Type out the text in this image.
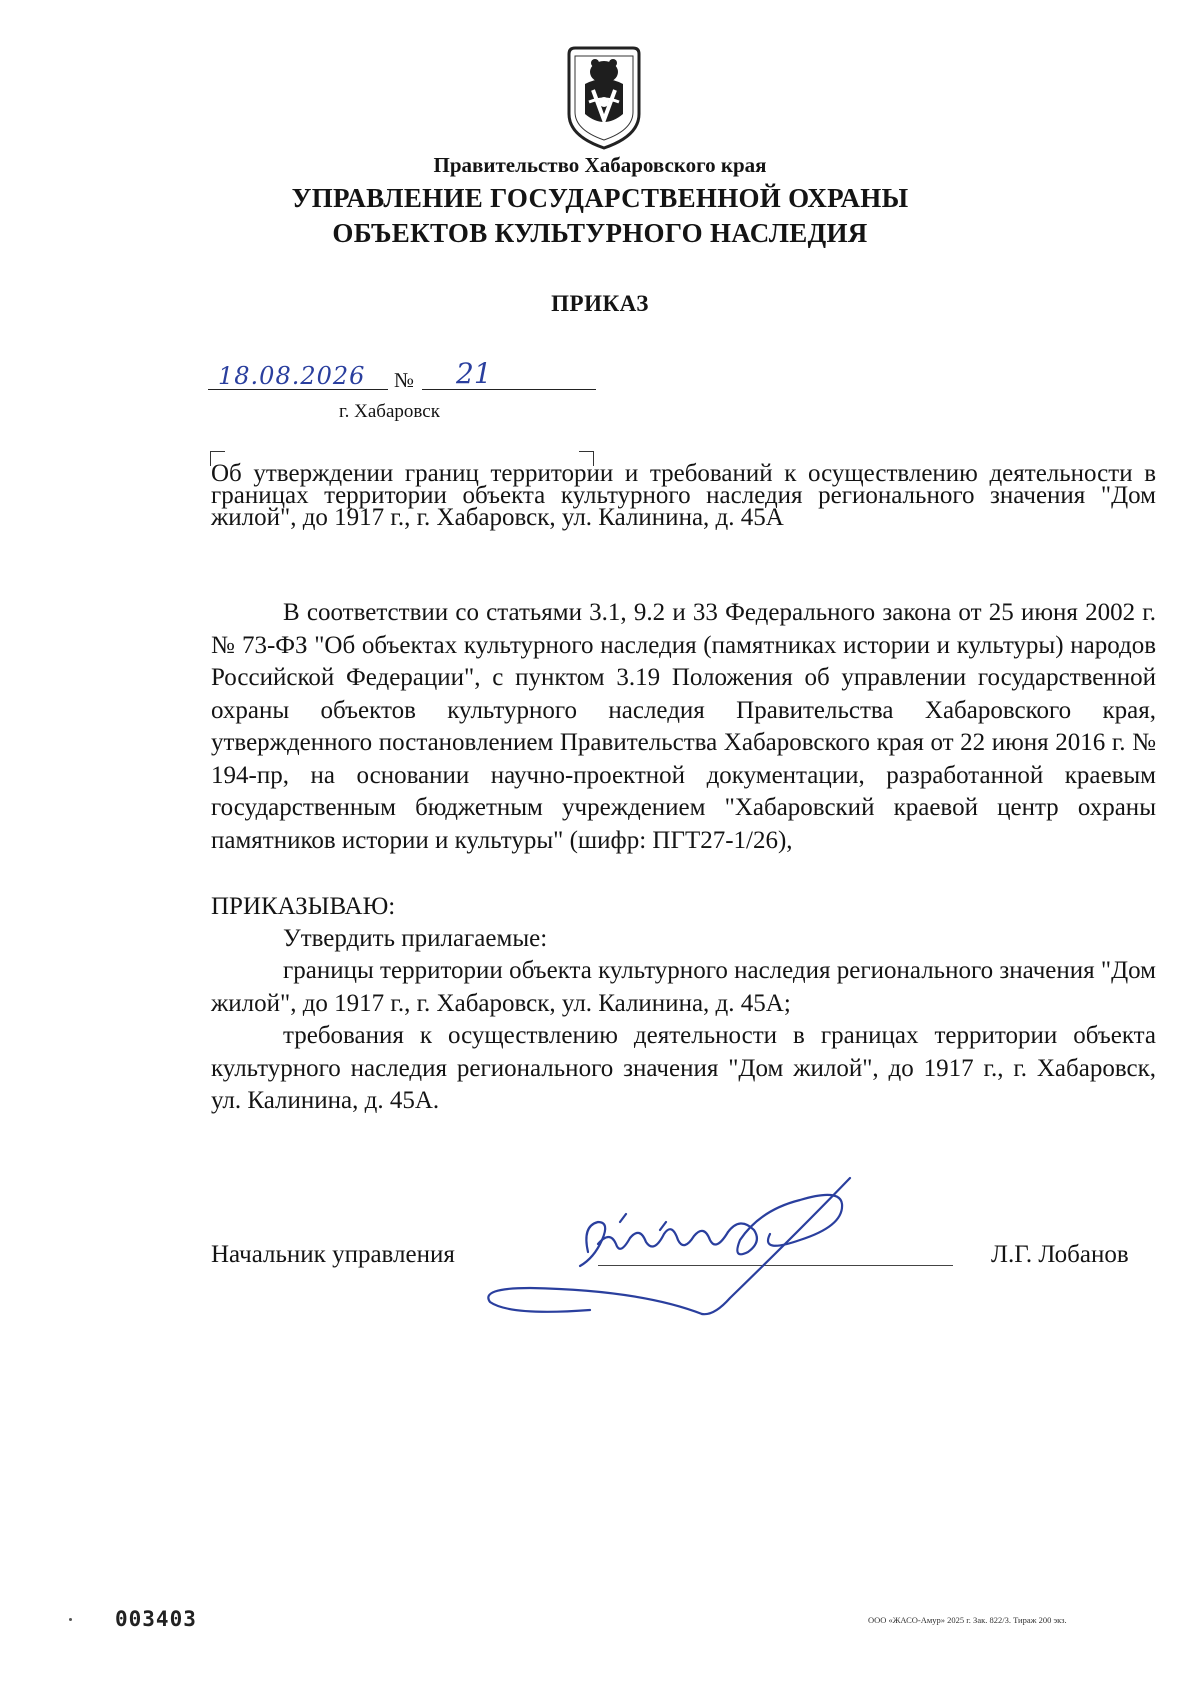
Правительство Хабаровского края
УПРАВЛЕНИЕ ГОСУДАРСТВЕННОЙ ОХРАНЫ
ОБЪЕКТОВ КУЛЬТУРНОГО НАСЛЕДИЯ
ПРИКАЗ
18.08.2026 № 21
г. Хабаровск
Об утверждении границ территории и требований к осуществлению деятельности в границах территории объекта культурного наследия регионального значения "Дом жилой", до 1917 г., г. Хабаровск, ул. Калинина, д. 45А
В соответствии со статьями 3.1, 9.2 и 33 Федерального закона от 25 июня 2002 г. № 73-ФЗ "Об объектах культурного наследия (памятниках истории и культуры) народов Российской Федерации", с пунктом 3.19 Положения об управлении государственной охраны объектов культурного наследия Правительства Хабаровского края, утвержденного постановлением Правительства Хабаровского края от 22 июня 2016 г. № 194-пр, на основании научно-проектной документации, разработанной краевым государственным бюджетным учреждением "Хабаровский краевой центр охраны памятников истории и культуры" (шифр: ПГТ27-1/26),
ПРИКАЗЫВАЮ:
Утвердить прилагаемые:
границы территории объекта культурного наследия регионального значения "Дом жилой", до 1917 г., г. Хабаровск, ул. Калинина, д. 45А;
требования к осуществлению деятельности в границах территории объекта культурного наследия регионального значения "Дом жилой", до 1917 г., г. Хабаровск, ул. Калинина, д. 45А.
Начальник управления	Л.Г. Лобанов
003403	ООО «ЖАСО-Амур» 2025 г. Зак. 822/3. Тираж 200 экз.
